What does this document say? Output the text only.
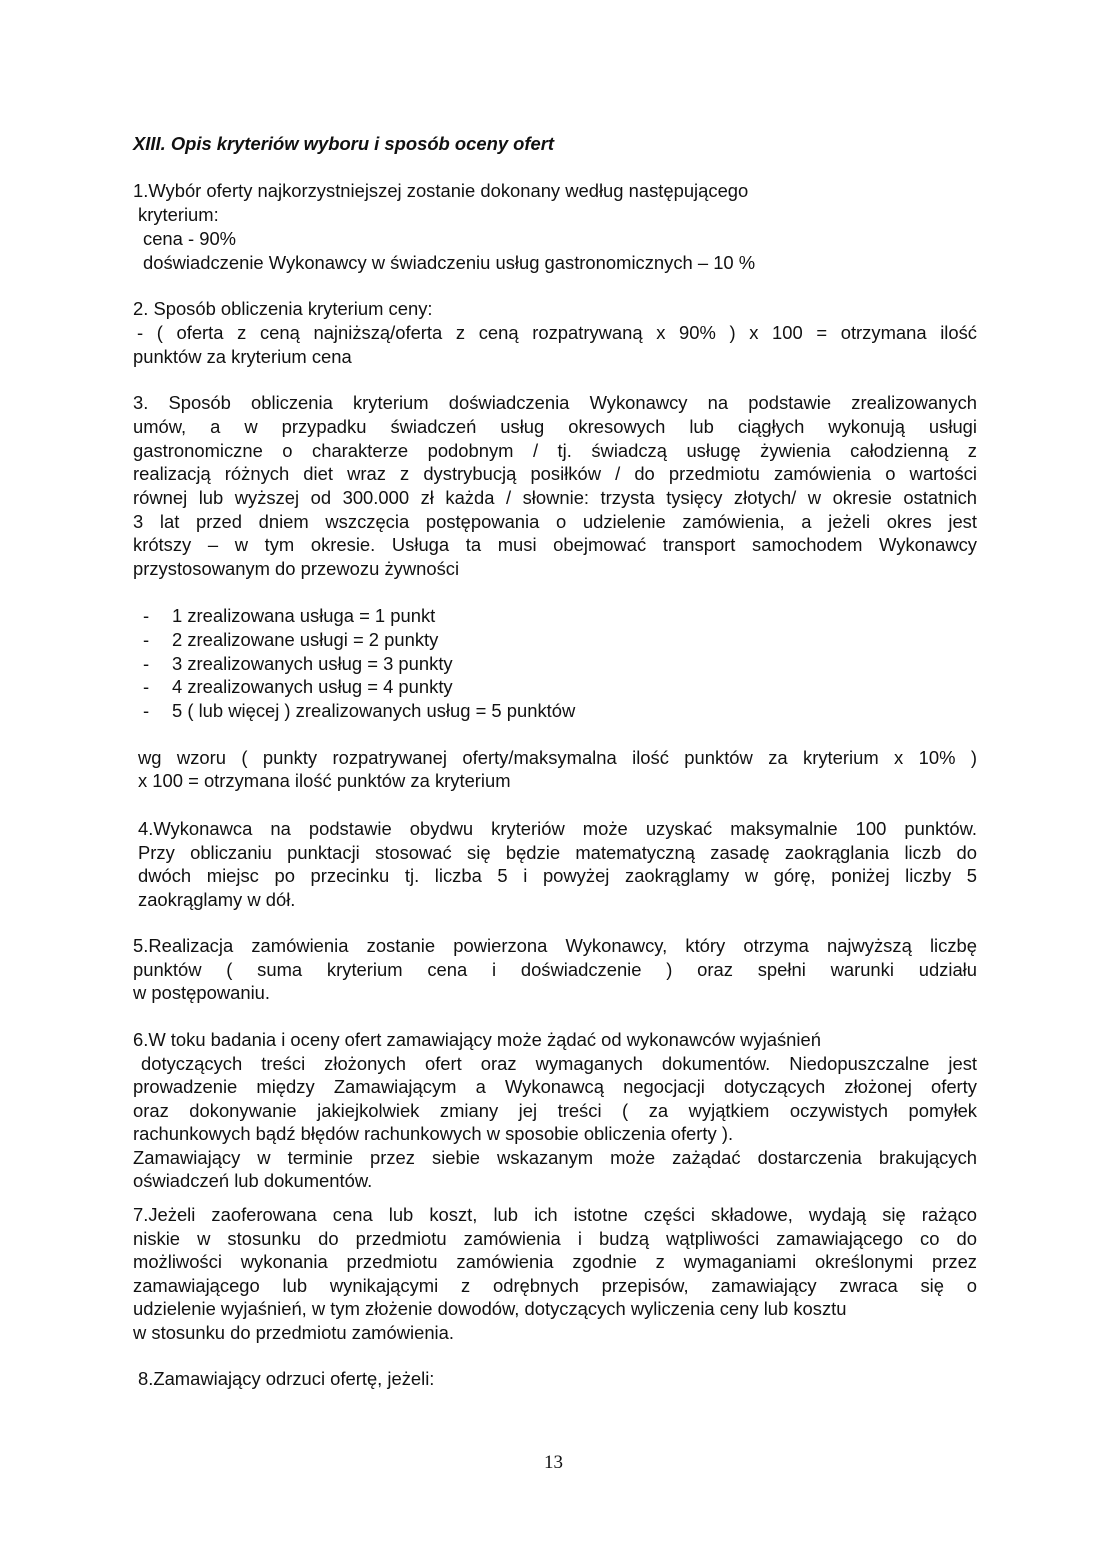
XIII. Opis kryteriów wyboru i sposób oceny ofert

1.Wybór oferty najkorzystniejszej zostanie dokonany według następującego

kryterium:

cena - 90%

doświadczenie Wykonawcy w świadczeniu usług gastronomicznych – 10 %

2. Sposób obliczenia kryterium ceny:

- ( oferta z ceną najniższą/oferta z ceną rozpatrywaną x 90% ) x 100 = otrzymana ilość

punktów za kryterium cena

3. Sposób obliczenia kryterium doświadczenia Wykonawcy na podstawie zrealizowanych

umów, a w przypadku świadczeń usług okresowych lub ciągłych wykonują usługi

gastronomiczne o charakterze podobnym / tj. świadczą usługę żywienia całodzienną z

realizacją różnych diet wraz z dystrybucją posiłków / do przedmiotu zamówienia o wartości

równej lub wyższej od 300.000 zł każda / słownie: trzysta tysięcy złotych/ w okresie ostatnich

3 lat przed dniem wszczęcia postępowania o udzielenie zamówienia, a jeżeli okres jest

krótszy – w tym okresie. Usługa ta musi obejmować transport samochodem Wykonawcy

przystosowanym do przewozu żywności

- 1 zrealizowana usługa = 1 punkt

- 2 zrealizowane usługi = 2 punkty

- 3 zrealizowanych usług = 3 punkty

- 4 zrealizowanych usług = 4 punkty

- 5 ( lub więcej ) zrealizowanych usług = 5 punktów

wg wzoru ( punkty rozpatrywanej oferty/maksymalna ilość punktów za kryterium x 10% )

x 100 = otrzymana ilość punktów za kryterium

4.Wykonawca na podstawie obydwu kryteriów może uzyskać maksymalnie 100 punktów.

Przy obliczaniu punktacji stosować się będzie matematyczną zasadę zaokrąglania liczb do

dwóch miejsc po przecinku tj. liczba 5 i powyżej zaokrąglamy w górę, poniżej liczby 5

zaokrąglamy w dół.

5.Realizacja zamówienia zostanie powierzona Wykonawcy, który otrzyma najwyższą liczbę

punktów ( suma kryterium cena i doświadczenie ) oraz spełni warunki udziału

w postępowaniu.

6.W toku badania i oceny ofert zamawiający może żądać od wykonawców wyjaśnień

dotyczących treści złożonych ofert oraz wymaganych dokumentów. Niedopuszczalne jest

prowadzenie między Zamawiającym a Wykonawcą negocjacji dotyczących złożonej oferty

oraz dokonywanie jakiejkolwiek zmiany jej treści ( za wyjątkiem oczywistych pomyłek

rachunkowych bądź błędów rachunkowych w sposobie obliczenia oferty ).

Zamawiający w terminie przez siebie wskazanym może zażądać dostarczenia brakujących

oświadczeń lub dokumentów.

7.Jeżeli zaoferowana cena lub koszt, lub ich istotne części składowe, wydają się rażąco

niskie w stosunku do przedmiotu zamówienia i budzą wątpliwości zamawiającego co do

możliwości wykonania przedmiotu zamówienia zgodnie z wymaganiami określonymi przez

zamawiającego lub wynikającymi z odrębnych przepisów, zamawiający zwraca się o

udzielenie wyjaśnień, w tym złożenie dowodów, dotyczących wyliczenia ceny lub kosztu

w stosunku do przedmiotu zamówienia.

8.Zamawiający odrzuci ofertę, jeżeli:

13
